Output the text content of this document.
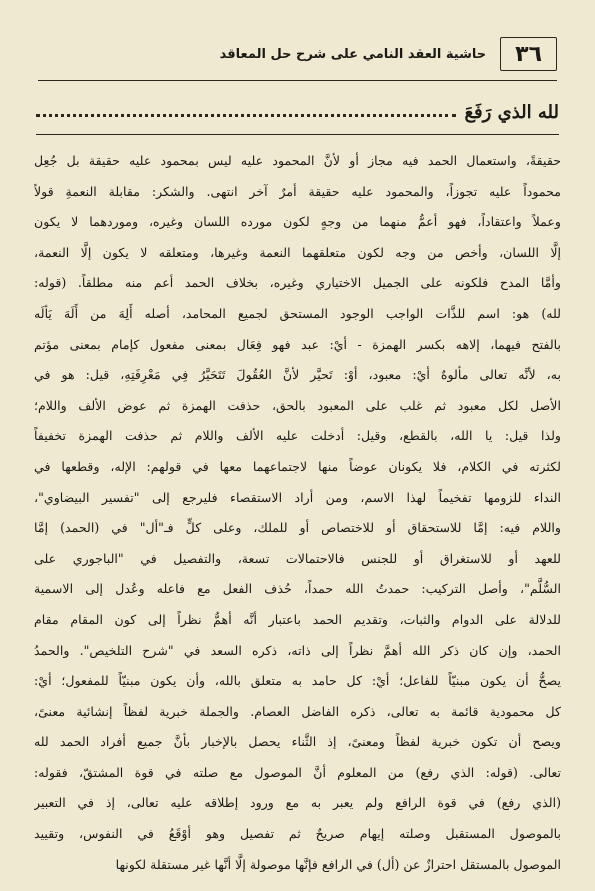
٣٦
حاشية العقد النامي على شرح حل المعاقد
لله الذي رَفَعَ
حقيقةً، واستعمال الحمد فيه مجاز أو لأنَّ المحمود عليه ليس بمحمود عليه حقيقة بل جُعِل
محموداً عليه تجوزاً، والمحمود عليه حقيقة أمرٌ آخر انتهى. والشكر: مقابلة النعمةِ قولاً
وعملاً واعتقاداً، فهو أعمُّ منهما من وجهٍ لكون مورده اللسان وغيره، وموردهما لا يكون
إلَّا اللسان، وأخص من وجه لكون متعلقهما النعمة وغيرها، ومتعلقه لا يكون إلَّا النعمة،
وأمَّا المدح فلكونه على الجميل الاختياري وغيره، بخلاف الحمد أعم منه مطلقاً. (قوله:
لله) هو: اسم للذَّات الواجب الوجود المستحق لجميع المحامد، أصله أَلِهَ من أَلَهَ يَألَه
بالفتح فيهما، إلاهه بكسر الهمزة - أيْ: عبد فهو فِعَال بمعنى مفعول كإمام بمعنى مؤتم
به، لأنَّه تعالى مألوهٌ أيْ: معبود، أوْ: تَحيَّر لأنَّ العُقُولَ تَتَحَيَّرُ فِي مَعْرِفَتِهِ، قيل: هو في
الأصل لكل معبود ثم غلب على المعبود بالحق، حذفت الهمزة ثم عوض الألف واللام؛
ولذا قيل: يا الله، بالقطع، وقيل: أدخلت عليه الألف واللام ثم حذفت الهمزة تخفيفاً
لكثرته في الكلام، فلا يكونان عوضاً منها لاجتماعهما معها في قولهم: الإله، وقطعها في
النداء للزومها تفخيماً لهذا الاسم، ومن أراد الاستقصاء فليرجع إلى "تفسير البيضاوي"،
واللام فيه: إمَّا للاستحقاق أو للاختصاص أو للملك، وعلى كلٍّ فـ"أل" في (الحمد) إمَّا
للعهد أو للاستغراق أو للجنس فالاحتمالات تسعة، والتفصيل في "الباجوري على
السُّلَّم"، وأصل التركيب: حمدتُ الله حمداً، حُذف الفعل مع فاعله وعُدل إلى الاسمية
للدلالة على الدوام والثبات، وتقديم الحمد باعتبار أنَّه أهمُّ نظراً إلى كون المقام مقام
الحمد، وإن كان ذكر الله أهمَّ نظراً إلى ذاته، ذكره السعد في "شرح التلخيص". والحمدُ
يصحُّ أن يكون مبنيّاً للفاعل؛ أيْ: كل حامد به متعلق بالله، وأن يكون مبنيّاً للمفعول؛ أيْ:
كل محمودية قائمة به تعالى، ذكره الفاضل العصام. والجملة خبرية لفظاً إنشائية معنىً،
ويصح أن تكون خبرية لفظاً ومعنىً، إذ الثَّناء يحصل بالإخبار بأنَّ جميع أفراد الحمد لله
تعالى. (قوله: الذي رفع) من المعلوم أنَّ الموصول مع صلته في قوة المشتقّ، فقوله:
(الذي رفع) في قوة الرافع ولم يعبر به مع ورود إطلاقه عليه تعالى، إذ في التعبير
بالموصول المستقبل وصلته إيهام صريحٌ ثم تفصيل وهو أوْقَعُ في النفوس، وتقييد
الموصول بالمستقل احترازٌ عن (أل) في الرافع فإنَّها موصولة إلَّا أنَّها غير مستقلة لكونها
